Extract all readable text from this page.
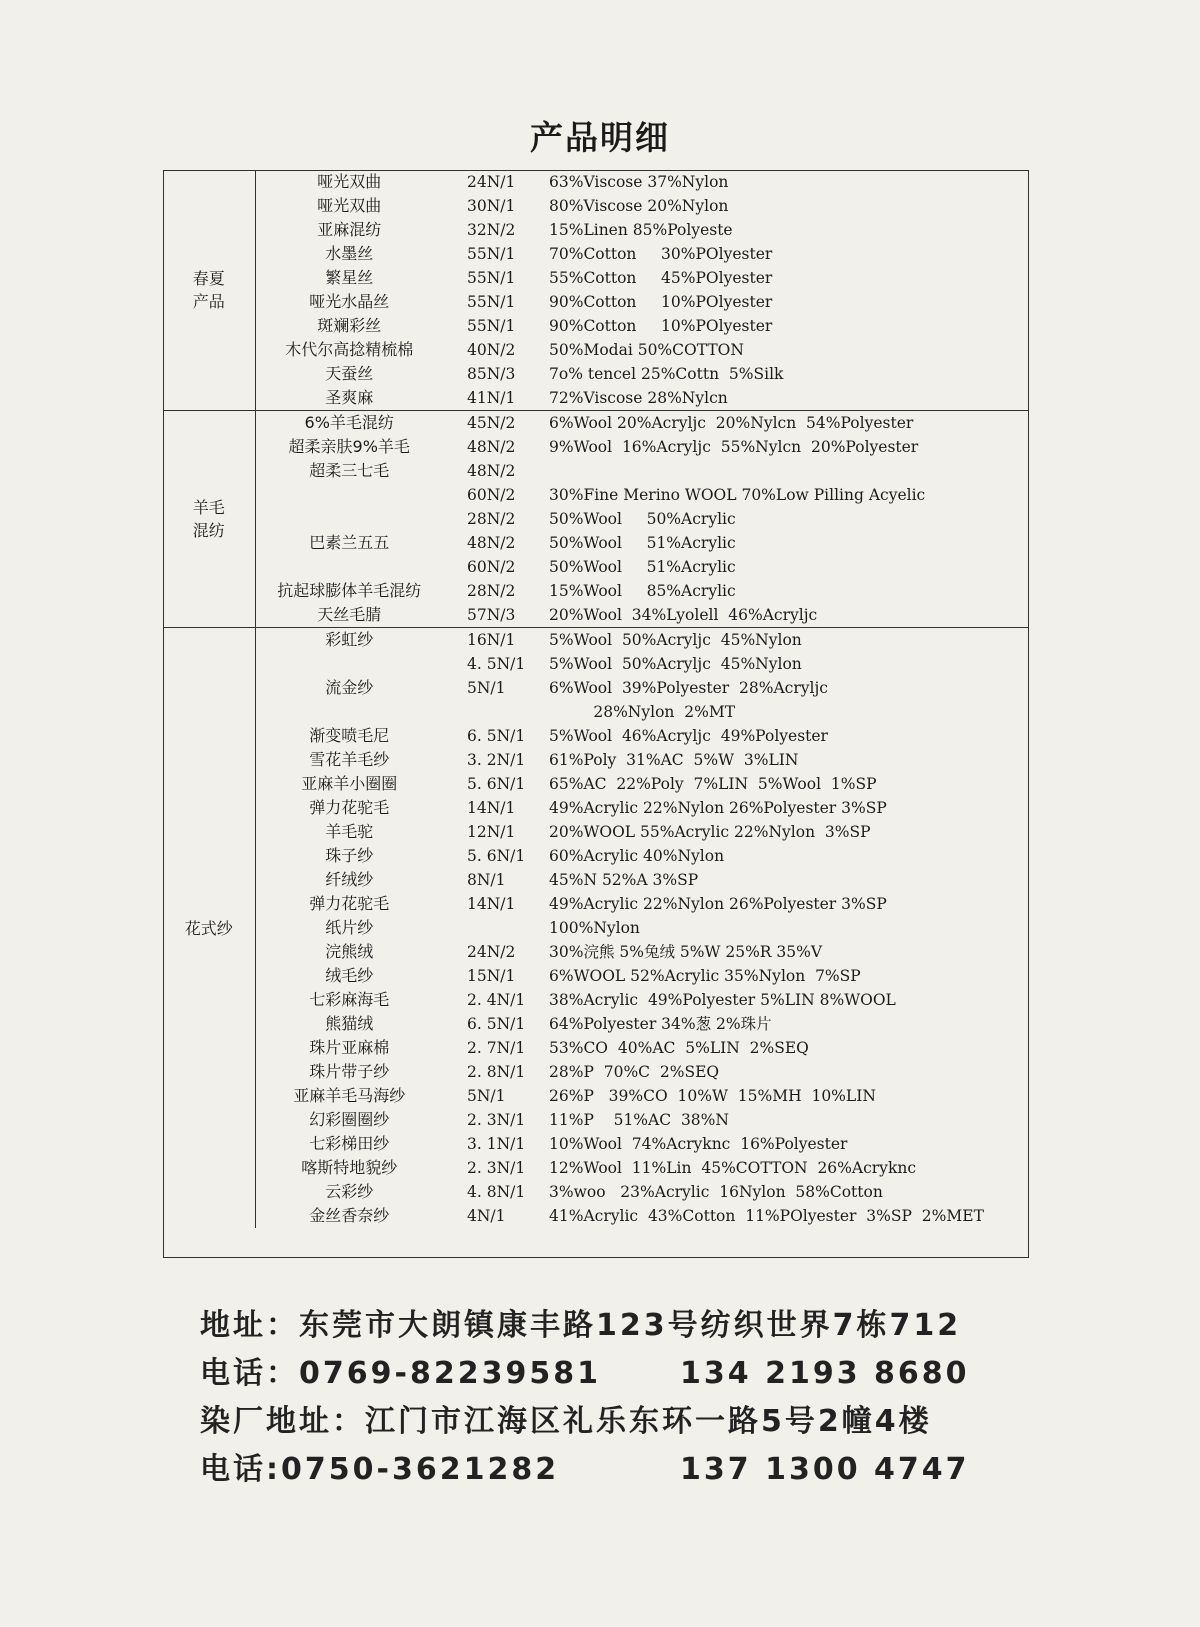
产品明细
春夏
产品	哑光双曲	24N/1	63%Viscose 37%Nylon
	哑光双曲	30N/1	80%Viscose 20%Nylon
	亚麻混纺	32N/2	15%Linen 85%Polyeste
	水墨丝	55N/1	70%Cotton     30%POlyester
	繁星丝	55N/1	55%Cotton     45%POlyester
	哑光水晶丝	55N/1	90%Cotton     10%POlyester
	斑斓彩丝	55N/1	90%Cotton     10%POlyester
	木代尔高捻精梳棉	40N/2	50%Modai 50%COTTON
	天蚕丝	85N/3	7o% tencel 25%Cottn  5%Silk
	圣爽麻	41N/1	72%Viscose 28%Nylcn
羊毛
混纺	6%羊毛混纺	45N/2	6%Wool 20%Acryljc  20%Nylcn  54%Polyester
	超柔亲肤9%羊毛	48N/2	9%Wool  16%Acryljc  55%Nylcn  20%Polyester
	超柔三七毛	48N/2	
		60N/2	30%Fine Merino WOOL 70%Low Pilling Acyelic
		28N/2	50%Wool     50%Acrylic
	巴素兰五五	48N/2	50%Wool     51%Acrylic
		60N/2	50%Wool     51%Acrylic
	抗起球膨体羊毛混纺	28N/2	15%Wool     85%Acrylic
	天丝毛腈	57N/3	20%Wool  34%Lyolell  46%Acryljc
花式纱	彩虹纱	16N/1	5%Wool  50%Acryljc  45%Nylon
		4. 5N/1	5%Wool  50%Acryljc  45%Nylon
	流金纱	5N/1	6%Wool  39%Polyester  28%Acryljc
			28%Nylon  2%MT
	渐变喷毛尼	6. 5N/1	5%Wool  46%Acryljc  49%Polyester
	雪花羊毛纱	3. 2N/1	61%Poly  31%AC  5%W  3%LIN
	亚麻羊小圈圈	5. 6N/1	65%AC  22%Poly  7%LIN  5%Wool  1%SP
	弹力花驼毛	14N/1	49%Acrylic 22%Nylon 26%Polyester 3%SP
	羊毛驼	12N/1	20%WOOL 55%Acrylic 22%Nylon  3%SP
	珠子纱	5. 6N/1	60%Acrylic 40%Nylon
	纤绒纱	8N/1	45%N 52%A 3%SP
	弹力花驼毛	14N/1	49%Acrylic 22%Nylon 26%Polyester 3%SP
	纸片纱		100%Nylon
	浣熊绒	24N/2	30%浣熊 5%兔绒 5%W 25%R 35%V
	绒毛纱	15N/1	6%WOOL 52%Acrylic 35%Nylon  7%SP
	七彩麻海毛	2. 4N/1	38%Acrylic  49%Polyester 5%LIN 8%WOOL
	熊猫绒	6. 5N/1	64%Polyester 34%葱 2%珠片
	珠片亚麻棉	2. 7N/1	53%CO  40%AC  5%LIN  2%SEQ
	珠片带子纱	2. 8N/1	28%P  70%C  2%SEQ
	亚麻羊毛马海纱	5N/1	26%P   39%CO  10%W  15%MH  10%LIN
	幻彩圈圈纱	2. 3N/1	11%P    51%AC  38%N
	七彩梯田纱	3. 1N/1	10%Wool  74%Acryknc  16%Polyester
	喀斯特地貌纱	2. 3N/1	12%Wool  11%Lin  45%COTTON  26%Acryknc
	云彩纱	4. 8N/1	3%woo   23%Acrylic  16Nylon  58%Cotton
	金丝香奈纱	4N/1	41%Acrylic  43%Cotton  11%POlyester  3%SP  2%MET
地址：东莞市大朗镇康丰路123号纺织世界7栋712
电话：0769-82239581	134 2193 8680
染厂地址：江门市江海区礼乐东环一路5号2幢4楼
电话:0750-3621282	137 1300 4747
